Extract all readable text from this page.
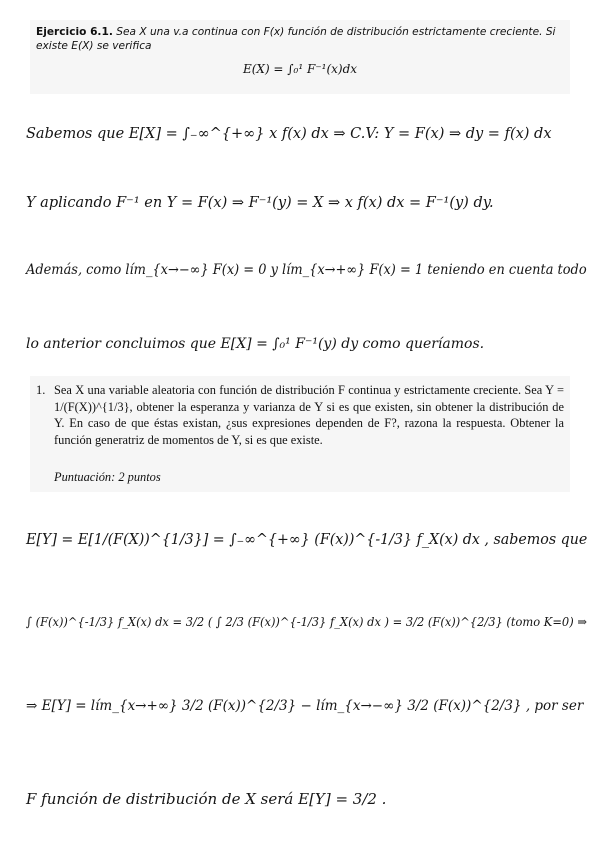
Ejercicio 6.1. Sea X una v.a continua con F(x) función de distribución estrictamente creciente. Si existe E(X) se verifica
E(X) = ∫₀¹ F⁻¹(x)dx
Sabemos que E[X] = ∫₋∞^{+∞} x f(x) dx ⇒ C.V: Y = F(x) ⇒ dy = f(x) dx
Y aplicando F⁻¹ en Y = F(x) ⇒ F⁻¹(y) = X ⇒ x f(x) dx = F⁻¹(y) dy.
Además, como lím_{x→−∞} F(x) = 0 y lím_{x→+∞} F(x) = 1 teniendo en cuenta todo
lo anterior concluimos que E[X] = ∫₀¹ F⁻¹(y) dy como queríamos.
1. Sea X una variable aleatoria con función de distribución F continua y estrictamente creciente. Sea Y = 1/(F(X))^{1/3}, obtener la esperanza y varianza de Y si es que existen, sin obtener la distribución de Y. En caso de que éstas existan, ¿sus expresiones dependen de F?, razona la respuesta. Obtener la función generatriz de momentos de Y, si es que existe.
Puntuación: 2 puntos
E[Y] = E[1/(F(X))^{1/3}] = ∫₋∞^{+∞} (F(x))^{-1/3} f_X(x) dx , sabemos que
∫ (F(x))^{-1/3} f_X(x) dx = 3/2 ( ∫ 2/3 (F(x))^{-1/3} f_X(x) dx ) = 3/2 (F(x))^{2/3} (tomo K=0) ⇒
⇒ E[Y] = lím_{x→+∞} 3/2 (F(x))^{2/3} − lím_{x→−∞} 3/2 (F(x))^{2/3} , por ser
F función de distribución de X será E[Y] = 3/2 .
